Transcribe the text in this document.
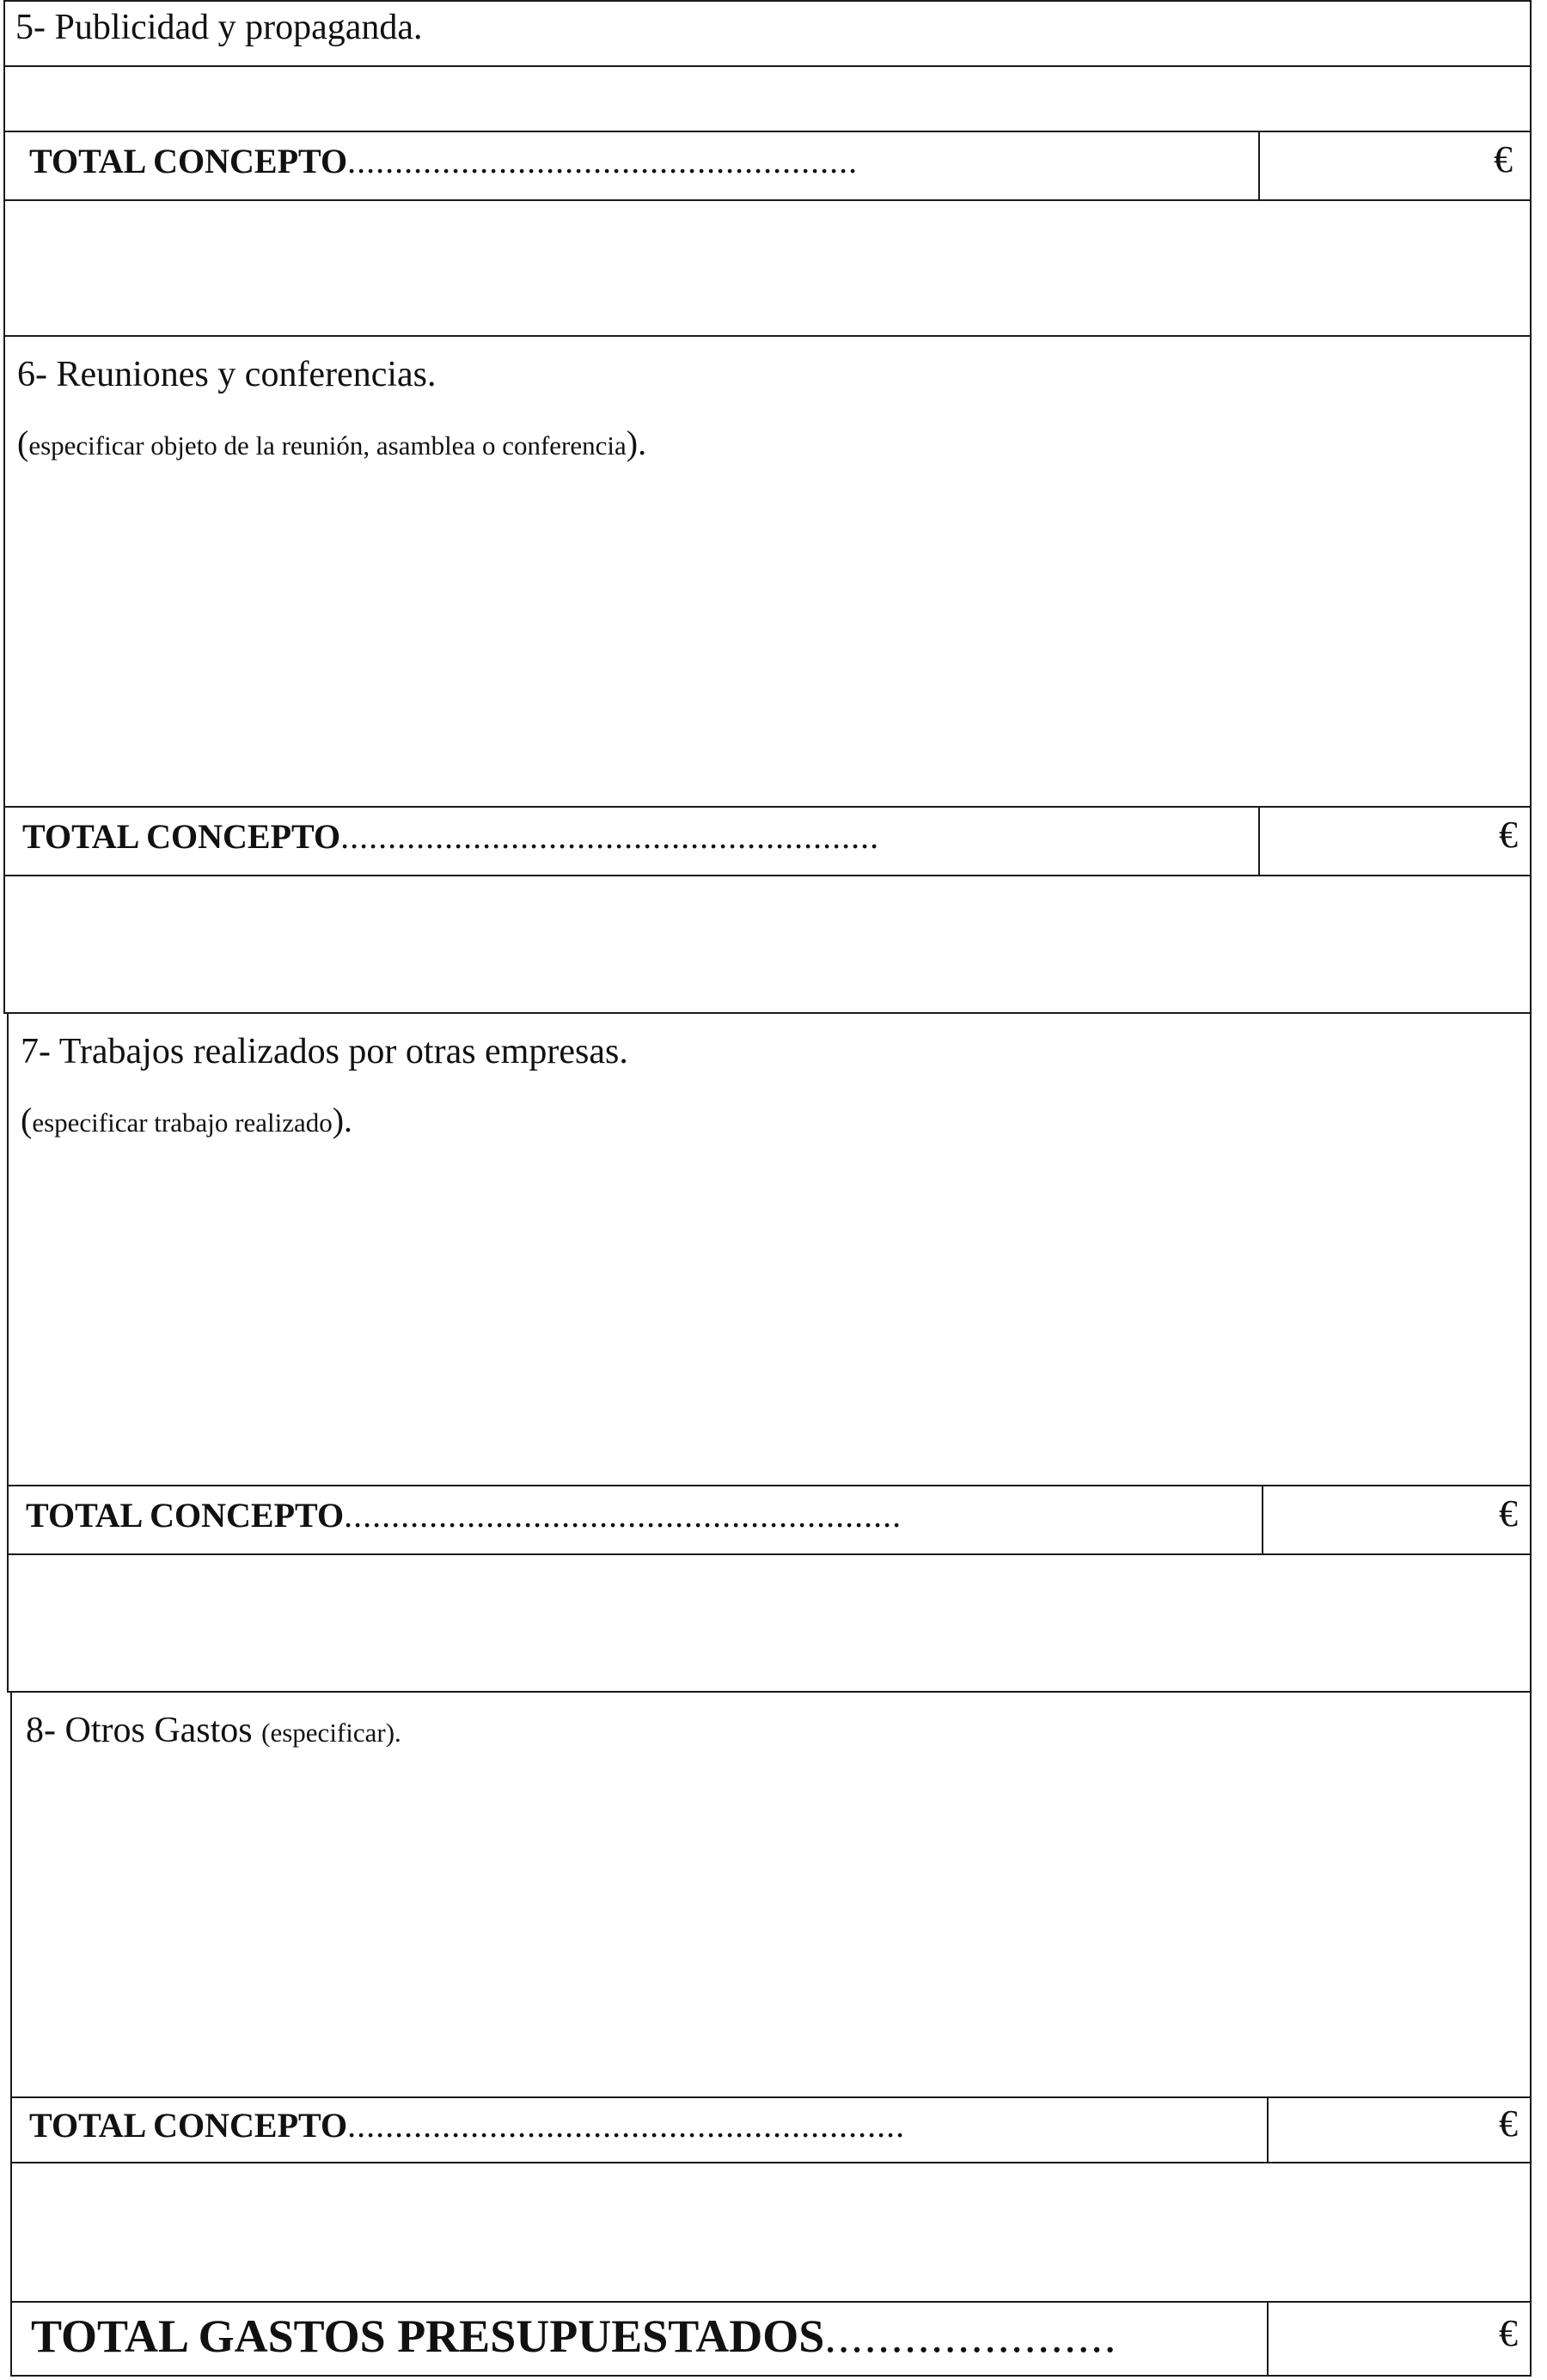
5- Publicidad y propaganda.
TOTAL CONCEPTO......................................................	€
6- Reuniones y conferencias.
(especificar objeto de la reunión, asamblea o conferencia).
TOTAL CONCEPTO.........................................................	€
7- Trabajos realizados por otras empresas.
(especificar trabajo realizado).
TOTAL CONCEPTO...........................................................	€
8- Otros Gastos (especificar).
TOTAL CONCEPTO...........................................................	€
TOTAL GASTOS PRESUPUESTADOS......................	€
